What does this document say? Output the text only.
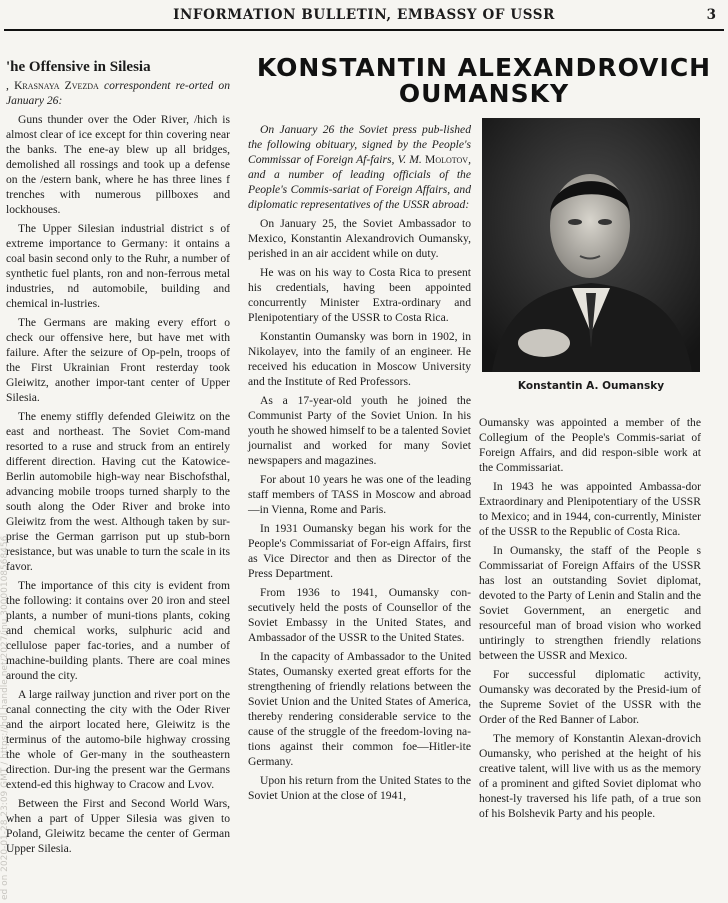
INFORMATION BULLETIN, EMBASSY OF USSR	3
ed on 2020-01-28 23:09 GMT / https://hdl.handle.net/2027/inu.30000108568456
'he Offensive in Silesia

, Krasnaya Zvezda correspondent re-orted on January 26:

Guns thunder over the Oder River, /hich is almost clear of ice except for thin covering near the banks. The ene-ay blew up all bridges, demolished all rossings and took up a defense on the /estern bank, where he has three lines f trenches with numerous pillboxes and lockhouses.

The Upper Silesian industrial district s of extreme importance to Germany: it ontains a coal basin second only to the Ruhr, a number of synthetic fuel plants, ron and non-ferrous metal industries, nd automobile, building and chemical in-lustries.

The Germans are making every effort o check our offensive here, but have met with failure. After the seizure of Op-peln, troops of the First Ukrainian Front resterday took Gleiwitz, another impor-tant center of Upper Silesia.

The enemy stiffly defended Gleiwitz on the east and northeast. The Soviet Com-mand resorted to a ruse and struck from an entirely different direction. Having cut the Katowice-Berlin automobile high-way near Bischofsthal, advancing mobile troops turned sharply to the south along the Oder River and broke into Gleiwitz from the west. Although taken by sur-prise the German garrison put up stub-born resistance, but was unable to turn the scale in its favor.

The importance of this city is evident from the following: it contains over 20 iron and steel plants, a number of muni-tions plants, coking and chemical works, sulphuric acid and cellulose paper fac-tories, and a number of machine-building plants. There are coal mines around the city.

A large railway junction and river port on the canal connecting the city with the Oder River and the airport located here, Gleiwitz is the terminus of the automo-bile highway crossing the whole of Ger-many in the southeastern direction. Dur-ing the present war the Germans extend-ed this highway to Cracow and Lvov.

Between the First and Second World Wars, when a part of Upper Silesia was given to Poland, Gleiwitz became the center of German Upper Silesia.

KONSTANTIN ALEXANDROVICH OUMANSKY

On January 26 the Soviet press pub-lished the following obituary, signed by the People's Commissar of Foreign Af-fairs, V. M. Molotov, and a number of leading officials of the People's Commis-sariat of Foreign Affairs, and diplomatic representatives of the USSR abroad:

On January 25, the Soviet Ambassador to Mexico, Konstantin Alexandrovich Oumansky, perished in an air accident while on duty.

He was on his way to Costa Rica to present his credentials, having been appointed concurrently Minister Extra-ordinary and Plenipotentiary of the USSR to Costa Rica.

Konstantin Oumansky was born in 1902, in Nikolayev, into the family of an engineer. He received his education in Moscow University and the Institute of Red Professors.

As a 17-year-old youth he joined the Communist Party of the Soviet Union. In his youth he showed himself to be a talented Soviet journalist and worked for many Soviet newspapers and magazines.

For about 10 years he was one of the leading staff members of TASS in Moscow and abroad—in Vienna, Rome and Paris.

In 1931 Oumansky began his work for the People's Commissariat of For-eign Affairs, first as Vice Director and then as Director of the Press Department.

From 1936 to 1941, Oumansky con-secutively held the posts of Counsellor of the Soviet Embassy in the United States, and Ambassador of the USSR to the United States.

In the capacity of Ambassador to the United States, Oumansky exerted great efforts for the strengthening of friendly relations between the Soviet Union and the United States of America, thereby rendering considerable service to the cause of the struggle of the freedom-loving na-tions against their common foe—Hitler-ite Germany.

Upon his return from the United States to the Soviet Union at the close of 1941,

Konstantin A. Oumansky

Oumansky was appointed a member of the Collegium of the People's Commis-sariat of Foreign Affairs, and did respon-sible work at the Commissariat.

In 1943 he was appointed Ambassa-dor Extraordinary and Plenipotentiary of the USSR to Mexico; and in 1944, con-currently, Minister of the USSR to the Republic of Costa Rica.

In Oumansky, the staff of the People s Commissariat of Foreign Affairs of the USSR has lost an outstanding Soviet diplomat, devoted to the Party of Lenin and Stalin and the Soviet Government, an energetic and resourceful man of broad vision who worked untiringly to strengthen friendly relations between the USSR and Mexico.

For successful diplomatic activity, Oumansky was decorated by the Presid-ium of the Supreme Soviet of the USSR with the Order of the Red Banner of Labor.

The memory of Konstantin Alexan-drovich Oumansky, who perished at the height of his creative talent, will live with us as the memory of a prominent and gifted Soviet diplomat who honest-ly traversed his life path, of a true son of his Bolshevik Party and his people.
